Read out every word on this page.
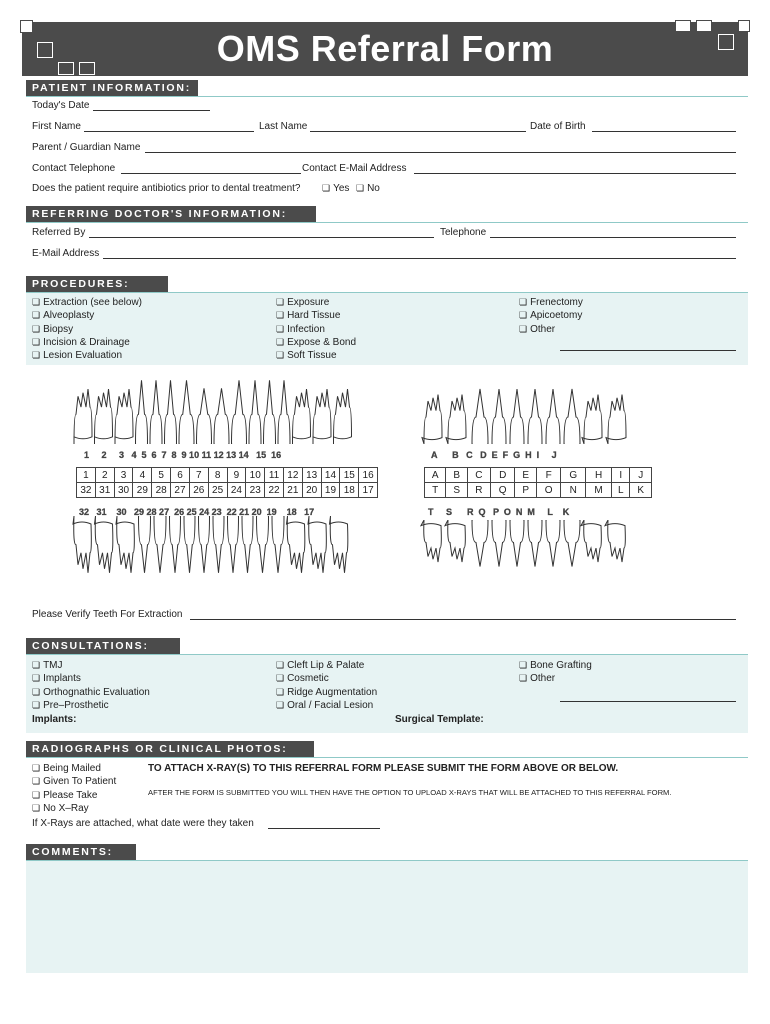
OMS Referral Form
PATIENT INFORMATION:
Today's Date
First Name	Last Name	Date of Birth
Parent / Guardian Name
Contact Telephone	Contact E-Mail Address
Does the patient require antibiotics prior to dental treatment?	❏ Yes	❏ No
REFERRING DOCTOR'S INFORMATION:
Referred By	Telephone
E-Mail Address
PROCEDURES:
❏ Extraction (see below)
❏ Alveoplasty
❏ Biopsy
❏ Incision & Drainage
❏ Lesion Evaluation
❏ Exposure
❏ Hard Tissue
❏ Infection
❏ Expose & Bond
❏ Soft Tissue
❏ Frenectomy
❏ Apicoetomy
❏ Other
1     2     3   4  5  6  7  8  9 10 11 12 13 14   15  16	A      B   C   D  E  F  G  H  I     J
32   31    30   29 28 27  26 25 24 23  22 21 20  19    18   17	T     S      R  Q   P  O  N  M     L    K
1	2	3	4	5	6	7	8	9	10	11	12	13	14	15	16
32	31	30	29	28	27	26	25	24	23	22	21	20	19	18	17
A	B	C	D	E	F	G	H	I	J
T	S	R	Q	P	O	N	M	L	K
Please Verify Teeth For Extraction
CONSULTATIONS:
❏ TMJ
❏ Implants
❏ Orthognathic Evaluation
❏ Pre–Prosthetic
❏ Cleft Lip & Palate
❏ Cosmetic
❏ Ridge Augmentation
❏ Oral / Facial Lesion
❏ Bone Grafting
❏ Other
Implants:	Surgical Template:
RADIOGRAPHS OR CLINICAL PHOTOS:
❏ Being Mailed
❏ Given To Patient
❏ Please Take
❏ No X–Ray
TO ATTACH X-RAY(S) TO THIS REFERRAL FORM PLEASE SUBMIT THE FORM ABOVE OR BELOW.
AFTER THE FORM IS SUBMITTED YOU WILL THEN HAVE THE OPTION TO UPLOAD X-RAYS THAT WILL BE ATTACHED TO THIS REFERRAL FORM.
If X-Rays are attached, what date were they taken
COMMENTS:
